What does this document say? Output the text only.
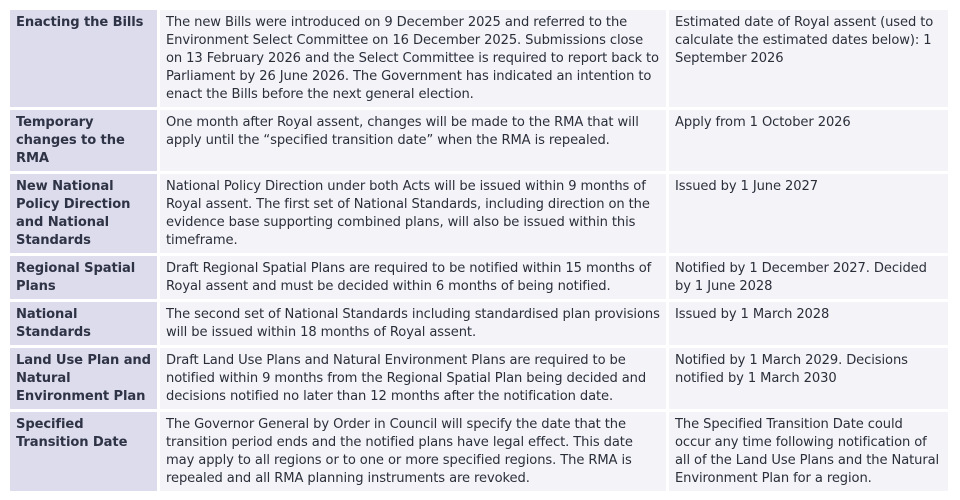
Enacting the Bills	The new Bills were introduced on 9 December 2025 and referred to the Environment Select Committee on 16 December 2025. Submissions close on 13 February 2026 and the Select Committee is required to report back to Parliament by 26 June 2026. The Government has indicated an intention to enact the Bills before the next general election.	Estimated date of Royal assent (used to calculate the estimated dates below): 1 September 2026
Temporary changes to the RMA	One month after Royal assent, changes will be made to the RMA that will apply until the “specified transition date” when the RMA is repealed.	Apply from 1 October 2026
New National Policy Direction and National Standards	National Policy Direction under both Acts will be issued within 9 months of Royal assent. The first set of National Standards, including direction on the evidence base supporting combined plans, will also be issued within this timeframe.	Issued by 1 June 2027
Regional Spatial Plans	Draft Regional Spatial Plans are required to be notified within 15 months of Royal assent and must be decided within 6 months of being notified.	Notified by 1 December 2027. Decided by 1 June 2028
National Standards	The second set of National Standards including standardised plan provisions will be issued within 18 months of Royal assent.	Issued by 1 March 2028
Land Use Plan and Natural Environment Plan	Draft Land Use Plans and Natural Environment Plans are required to be notified within 9 months from the Regional Spatial Plan being decided and decisions notified no later than 12 months after the notification date.	Notified by 1 March 2029. Decisions notified by 1 March 2030
Specified Transition Date	The Governor General by Order in Council will specify the date that the transition period ends and the notified plans have legal effect. This date may apply to all regions or to one or more specified regions. The RMA is repealed and all RMA planning instruments are revoked.	The Specified Transition Date could occur any time following notification of all of the Land Use Plans and the Natural Environment Plan for a region.
